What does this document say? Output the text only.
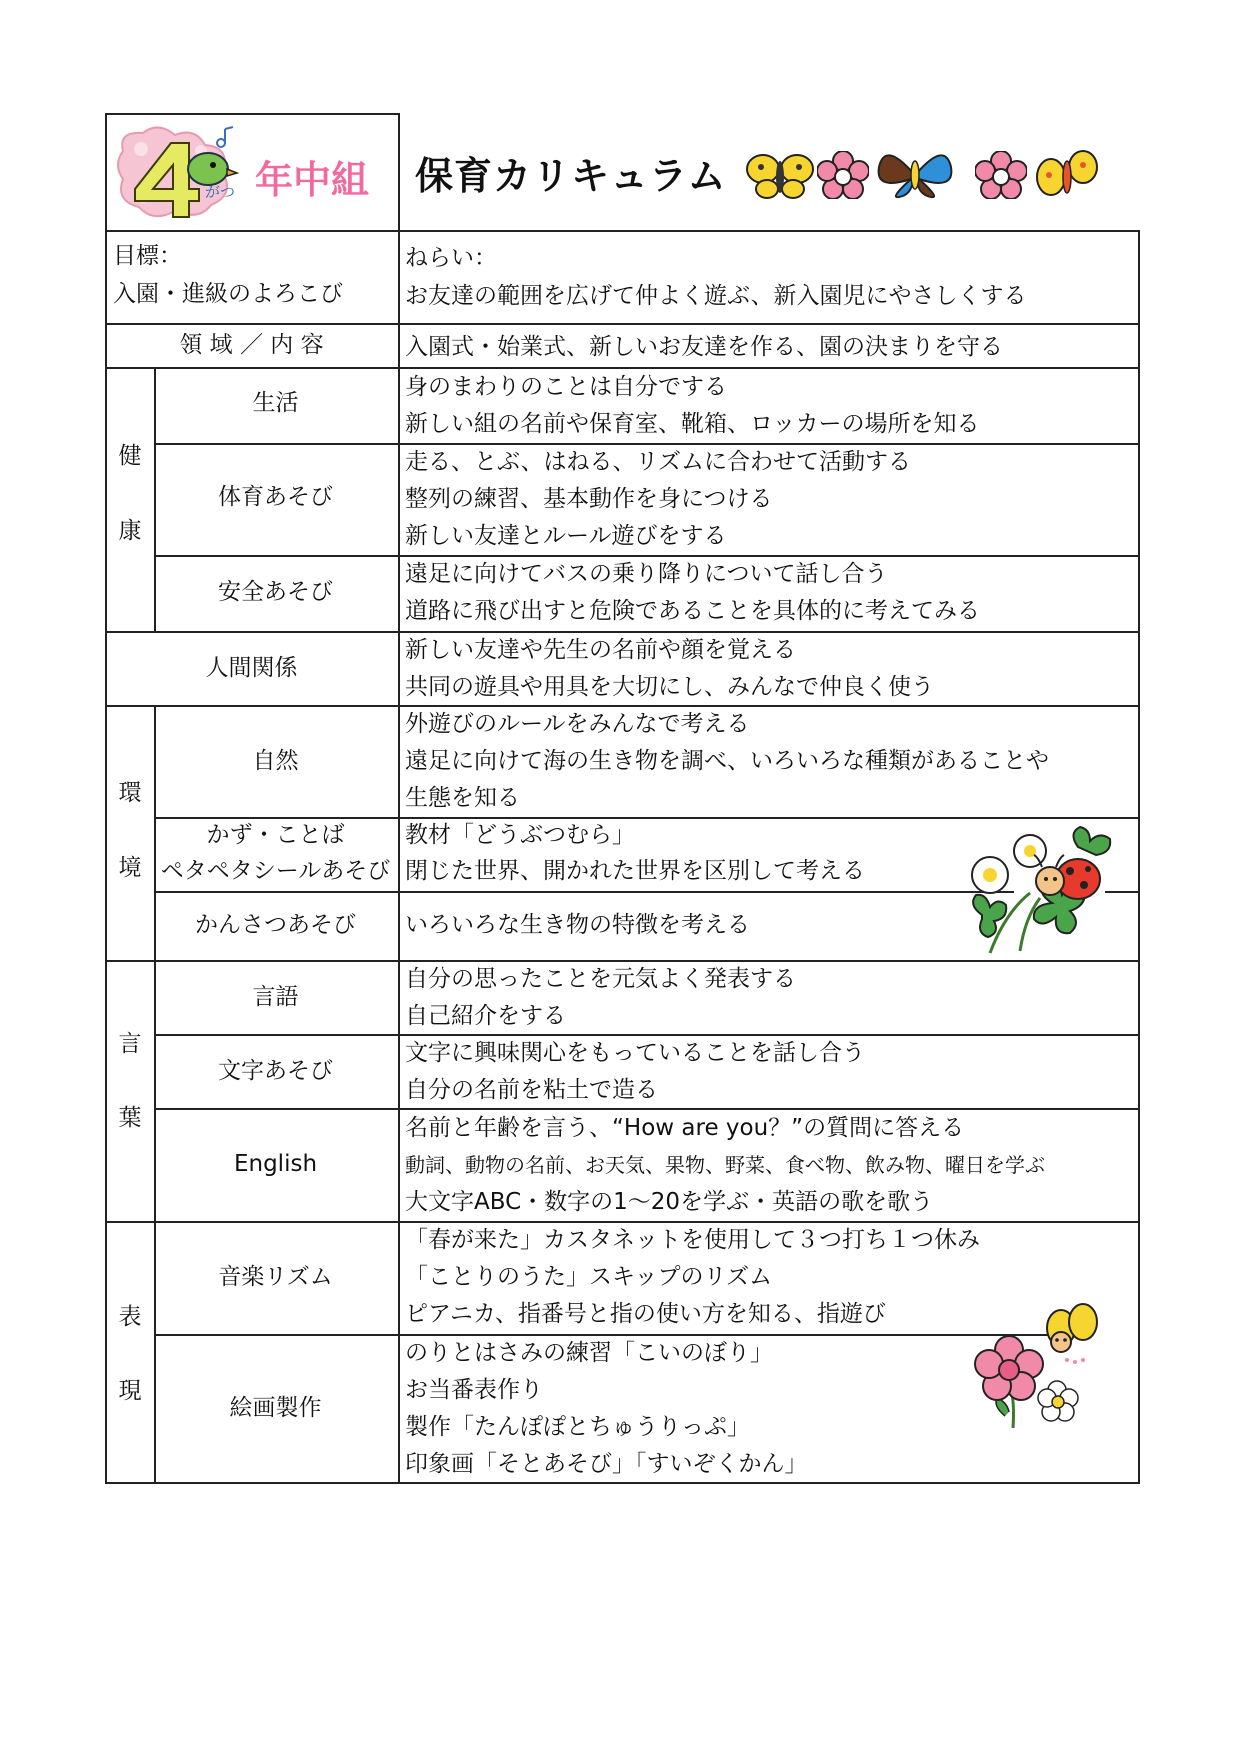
がつ 年中組 保育カリキュラム
目標：
入園・進級のよろこび
ねらい：
お友達の範囲を広げて仲よく遊ぶ、新入園児にやさしくする
領 域 ／ 内 容	入園式・始業式、新しいお友達を作る、園の決まりを守る
健
康
生活
身のまわりのことは自分でする
新しい組の名前や保育室、靴箱、ロッカーの場所を知る
体育あそび
走る、とぶ、はねる、リズムに合わせて活動する
整列の練習、基本動作を身につける
新しい友達とルール遊びをする
安全あそび
遠足に向けてバスの乗り降りについて話し合う
道路に飛び出すと危険であることを具体的に考えてみる
人間関係
新しい友達や先生の名前や顔を覚える
共同の遊具や用具を大切にし、みんなで仲良く使う
環
境
自然
外遊びのルールをみんなで考える
遠足に向けて海の生き物を調べ、いろいろな種類があることや
生態を知る
かず・ことば
ペタペタシールあそび
教材「どうぶつむら」
閉じた世界、開かれた世界を区別して考える
かんさつあそび	いろいろな生き物の特徴を考える
言
葉
言語
自分の思ったことを元気よく発表する
自己紹介をする
文字あそび
文字に興味関心をもっていることを話し合う
自分の名前を粘土で造る
English
名前と年齢を言う、“How are you？”の質問に答える
動詞、動物の名前、お天気、果物、野菜、食べ物、飲み物、曜日を学ぶ
大文字ABC・数字の1〜20を学ぶ・英語の歌を歌う
表
現
音楽リズム
「春が来た」カスタネットを使用して３つ打ち１つ休み
「ことりのうた」スキップのリズム
ピアニカ、指番号と指の使い方を知る、指遊び
絵画製作
のりとはさみの練習「こいのぼり」
お当番表作り
製作「たんぽぽとちゅうりっぷ」
印象画「そとあそび」「すいぞくかん」
